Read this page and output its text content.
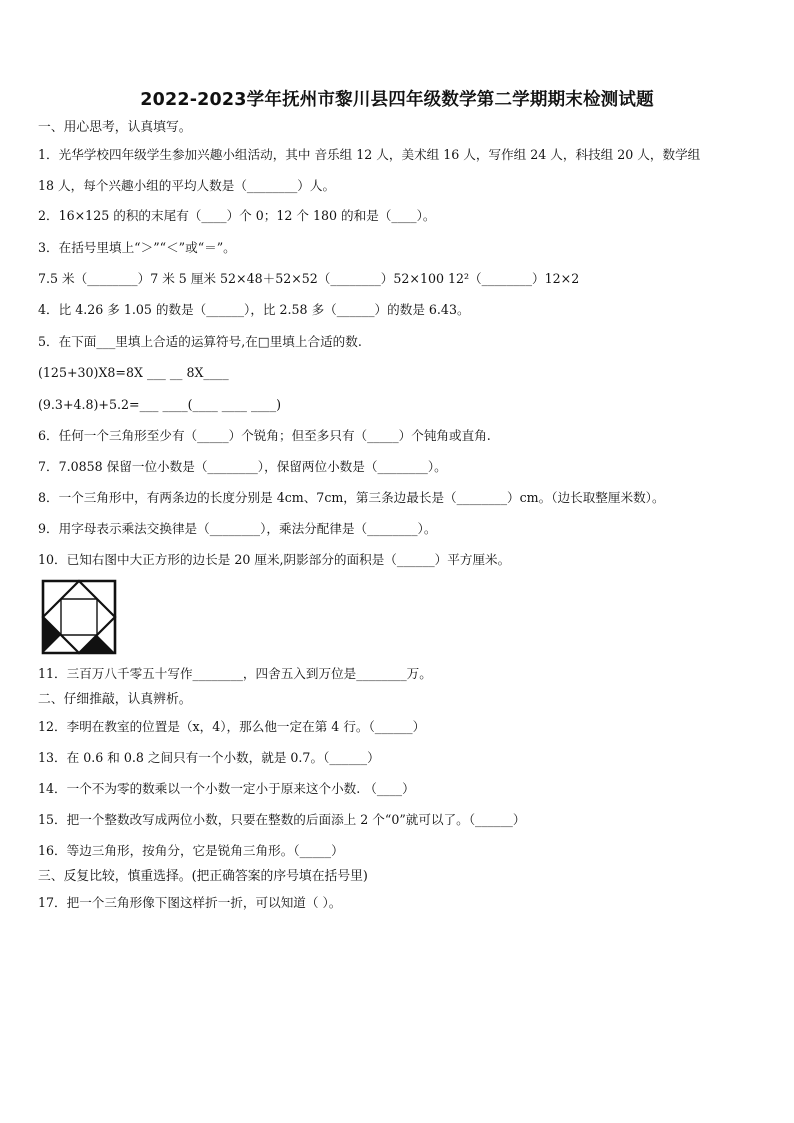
2022-2023学年抚州市黎川县四年级数学第二学期期末检测试题
一、用心思考，认真填写。
1．光华学校四年级学生参加兴趣小组活动，其中 音乐组 12 人，美术组 16 人，写作组 24 人，科技组 20 人，数学组
18 人，每个兴趣小组的平均人数是（________）人。
2．16×125 的积的末尾有（____）个 0；12 个 180 的和是（____）。
3．在括号里填上“＞”“＜”或“＝”。
7.5 米（________）7 米 5 厘米 52×48＋52×52（________）52×100 12²（________）12×2
4．比 4.26 多 1.05 的数是（______），比 2.58 多（______）的数是 6.43。
5．在下面___里填上合适的运算符号,在□里填上合适的数.
(125+30)X8=8X ___ __ 8X____
(9.3+4.8)+5.2=___ ____(____ ____ ____)
6．任何一个三角形至少有（_____）个锐角；但至多只有（_____）个钝角或直角.
7．7.0858 保留一位小数是（________），保留两位小数是（________）。
8．一个三角形中，有两条边的长度分别是 4cm、7cm，第三条边最长是（________）cm。（边长取整厘米数）。
9．用字母表示乘法交换律是（________），乘法分配律是（________）。
10．已知右图中大正方形的边长是 20 厘米,阴影部分的面积是（______）平方厘米。
11．三百万八千零五十写作________，四舍五入到万位是________万。
二、仔细推敲，认真辨析。
12．李明在教室的位置是（x，4），那么他一定在第 4 行。（______）
13．在 0.6 和 0.8 之间只有一个小数，就是 0.7。（______）
14．一个不为零的数乘以一个小数一定小于原来这个小数. （____）
15．把一个整数改写成两位小数，只要在整数的后面添上 2 个“0”就可以了。（______）
16．等边三角形，按角分，它是锐角三角形。（_____）
三、反复比较，慎重选择。(把正确答案的序号填在括号里)
17．把一个三角形像下图这样折一折，可以知道（ ）。
